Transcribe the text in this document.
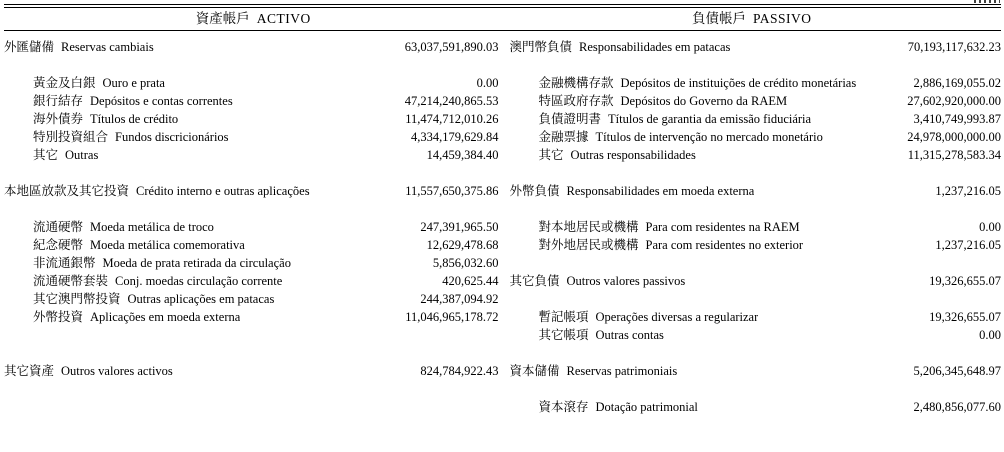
資產帳戶 ACTIVO	負債帳戶 PASSIVO
外匯儲備 Reservas cambiais	63,037,591,890.03
黃金及白銀 Ouro e prata	0.00
銀行結存 Depósitos e contas correntes	47,214,240,865.53
海外債券 Títulos de crédito	11,474,712,010.26
特別投資組合 Fundos discricionários	4,334,179,629.84
其它 Outras	14,459,384.40
本地區放款及其它投資 Crédito interno e outras aplicações	11,557,650,375.86
流通硬幣 Moeda metálica de troco	247,391,965.50
紀念硬幣 Moeda metálica comemorativa	12,629,478.68
非流通銀幣 Moeda de prata retirada da circulação	5,856,032.60
流通硬幣套裝 Conj. moedas circulação corrente	420,625.44
其它澳門幣投資 Outras aplicações em patacas	244,387,094.92
外幣投資 Aplicações em moeda externa	11,046,965,178.72
其它資產 Outros valores activos	824,784,922.43
澳門幣負債 Responsabilidades em patacas	70,193,117,632.23
金融機構存款 Depósitos de instituições de crédito monetárias	2,886,169,055.02
特區政府存款 Depósitos do Governo da RAEM	27,602,920,000.00
負債證明書 Títulos de garantia da emissão fiduciária	3,410,749,993.87
金融票據 Títulos de intervenção no mercado monetário	24,978,000,000.00
其它 Outras responsabilidades	11,315,278,583.34
外幣負債 Responsabilidades em moeda externa	1,237,216.05
對本地居民或機構 Para com residentes na RAEM	0.00
對外地居民或機構 Para com residentes no exterior	1,237,216.05
其它負債 Outros valores passivos	19,326,655.07
暫記帳項 Operações diversas a regularizar	19,326,655.07
其它帳項 Outras contas	0.00
資本儲備 Reservas patrimoniais	5,206,345,648.97
資本滾存 Dotação patrimonial	2,480,856,077.60
